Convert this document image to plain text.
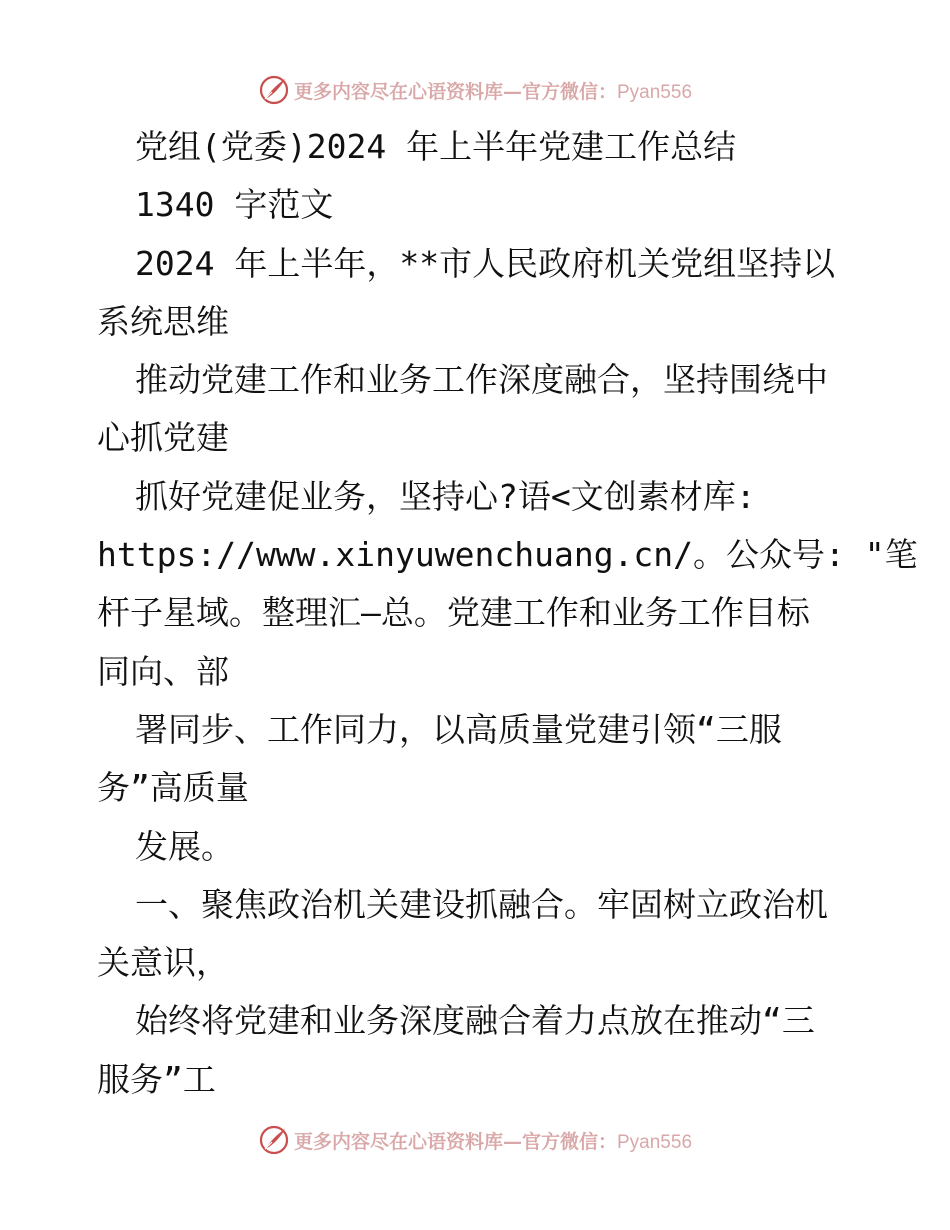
更多内容尽在心语资料库—官方微信：Pyan556

党组(党委)2024 年上半年党建工作总结

1340 字范文

2024 年上半年，**市人民政府机关党组坚持以

系统思维

推动党建工作和业务工作深度融合，坚持围绕中

心抓党建

抓好党建促业务，坚持心?语<文创素材库:

https://www.xinyuwenchuang.cn/。公众号: "笔

杆子星域。整理汇—总。党建工作和业务工作目标

同向、部

署同步、工作同力，以高质量党建引领“三服

务”高质量

发展。

一、聚焦政治机关建设抓融合。牢固树立政治机

关意识，

始终将党建和业务深度融合着力点放在推动“三

服务”工

更多内容尽在心语资料库—官方微信：Pyan556
